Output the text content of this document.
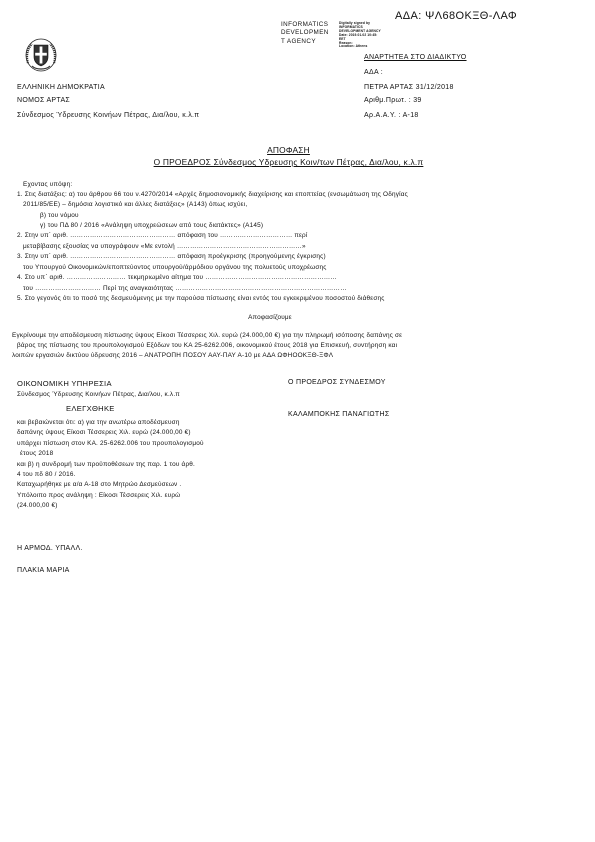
ΑΔΑ: ΨΛ68ΟΚΞΘ-ΛΑΦ
INFORMATICS
DEVELOPMEN
T AGENCY
Digitally signed by
INFORMATICS
DEVELOPMENT AGENCY
Date: 2019.01.02 10:45:
EET
Reason:
Location: Athens
ΑΝΑΡΤΗΤΕΑ ΣΤΟ ΔΙΑΔΙΚΤΥΟ
ΕΛΛΗΝΙΚΗ ΔΗΜΟΚΡΑΤΙΑ
ΝΟΜΟΣ ΑΡΤΑΣ
Σύνδεσμος Ύδρευσης Κοινήων Πέτρας, Δια/λου, κ.λ.π
ΑΔΑ :
ΠΕΤΡΑ ΑΡΤΑΣ 31/12/2018
Αριθμ.Πρωτ. : 39
Αρ.Α.Α.Υ. : Α-18
ΑΠΟΦΑΣΗ
Ο ΠΡΟΕΔΡΟΣ Σύνδεσμος Υδρευσης Κοιν/των Πέτρας, Δια/λου, κ.λ.π
Εχοντας υπόψη:
1. Στις διατάξεις: α) του άρθρου 66 του ν.4270/2014 «Αρχές δημοσιονομικής διαχείρισης και εποπτείας (ενσωμάτωση της Οδηγίας
2011/85/ΕΕ) – δημόσια λογιστικό και άλλες διατάξεις» (Α143) όπως ισχύει,
β) του νόμου
γ) του ΠΔ 80 / 2016 «Ανάληψη υποχρεώσεων από τους διατάκτες» (Α145)
2. Στην υπ΄ αριθ. ………………………………………… απόφαση του …………………………… περί
μεταβίβασης εξουσίας να υπογράφουν «Με εντολή …………………………………………………»
3. Στην υπ΄ αριθ. ………………………………………… απόφαση προέγκρισης (προηγούμενης έγκρισης)
του Υπουργού Οικονομικών/εποπτεύοντος υπουργού/άρμόδιου οργάνου της πολυετούς υποχρέωσης
4. Στο υπ΄ αριθ. ……………………… τεκμηριωμένο αίτημα του ……………………………………………………
του ………………………… Περί της αναγκαιότητας ……………………………………………………………………
5. Στο γεγονός ότι το ποσό της δεσμευόμενης με την παρούσα πίστωσης είναι εντός του εγκεκριμένου ποσοστού διάθεσης
Αποφασίζουμε
Εγκρίνουμε την αποδέσμευση πίστωσης ύψους Είκοσι Τέσσερεις Χιλ. ευρώ (24.000,00 €) για την πληρωμή ισόποσης δαπάνης σε
βάρος της πίστωσης του προυπολογισμού Εξόδων του ΚΑ 25-6262.006, οικονομικού έτους 2018 για Επισκευή, συντήρηση και
λοιπών εργασιών δικτύου ύδρευσης 2016 – ΑΝΑΤΡΟΠΗ ΠΟΣΟΥ ΑΑΥ-ΠΑΥ Α-10 με ΑΔΑ ΩΦΗΟΟΚΞΘ-ΞΦΛ
ΟΙΚΟΝΟΜΙΚΗ ΥΠΗΡΕΣΙΑ
Σύνδεσμος Ύδρευσης Κοινήων Πέτρας, Δια/λου, κ.λ.π
ΕΛΕΓΧΘΗΚΕ
και βεβαιώνεται ότι: α) για την ανωτέρω αποδέσμευση
δαπάνης ύψους Είκοσι Τέσσερεις Χιλ. ευρώ (24.000,00 €)
υπάρχει πίστωση στον ΚΑ. 25-6262.006 του προυπολογισμού
έτους 2018
και β) η συνδρομή των προϋποθέσεων της παρ. 1 του άρθ.
4 του πδ 80 / 2016.
Καταχωρήθηκε με α/α Α-18 στο Μητρώο Δεσμεύσεων .
Υπόλοιπο προς ανάληψη : Είκοσι Τέσσερεις Χιλ. ευρώ
(24.000,00 €)
Ο ΠΡΟΕΔΡΟΣ ΣΥΝΔΕΣΜΟΥ
ΚΑΛΑΜΠΟΚΗΣ ΠΑΝΑΓΙΩΤΗΣ
Η ΑΡΜΟΔ. ΥΠΑΛΛ.
ΠΛΑΚΙΑ ΜΑΡΙΑ
